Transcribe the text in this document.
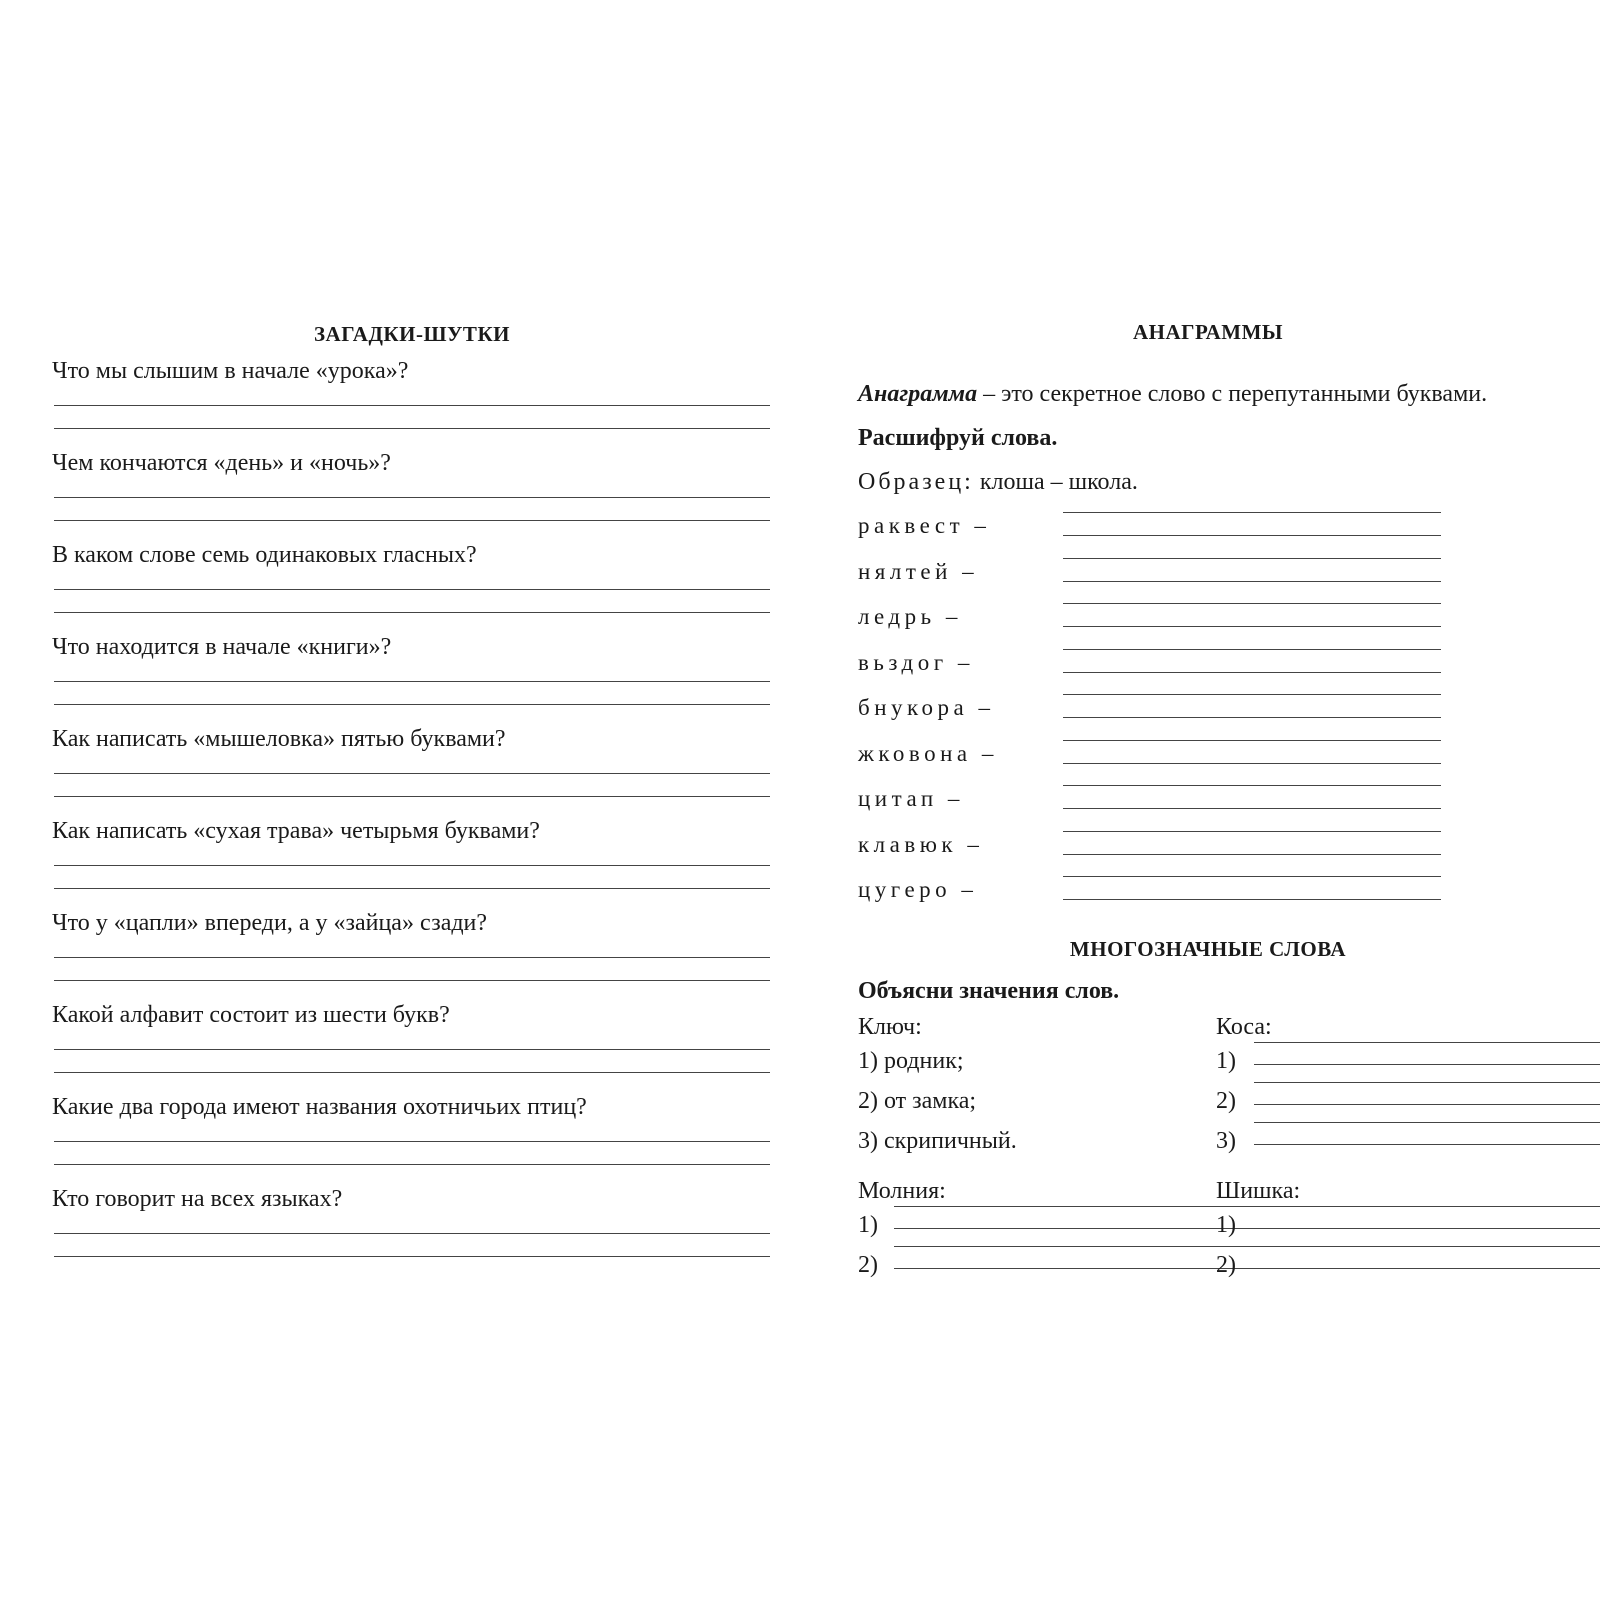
ЗАГАДКИ-ШУТКИ

Что мы слышим в начале «урока»?

Чем кончаются «день» и «ночь»?

В каком слове семь одинаковых гласных?

Что находится в начале «книги»?

Как написать «мышеловка» пятью буквами?

Как написать «сухая трава» четырьмя буквами?

Что у «цапли» впереди, а у «зайца» сзади?

Какой алфавит состоит из шести букв?

Какие два города имеют названия охотничьих птиц?

Кто говорит на всех языках?

АНАГРАММЫ

Анаграмма – это секретное слово с перепутанными буквами.

Расшифруй слова.

Образец: клоша – школа.

раквест –
нялтей –
ледрь –
вьздог –
бнукора –
жковона –
цитап –
клавюк –
цугеро –
МНОГОЗНАЧНЫЕ СЛОВА

Объясни значения слов.

Ключ:

1) родник;
2) от замка;
3) скрипичный.

Молния:

1)
2)

Коса:

1)
2)
3)

Шишка:

1)
2)
